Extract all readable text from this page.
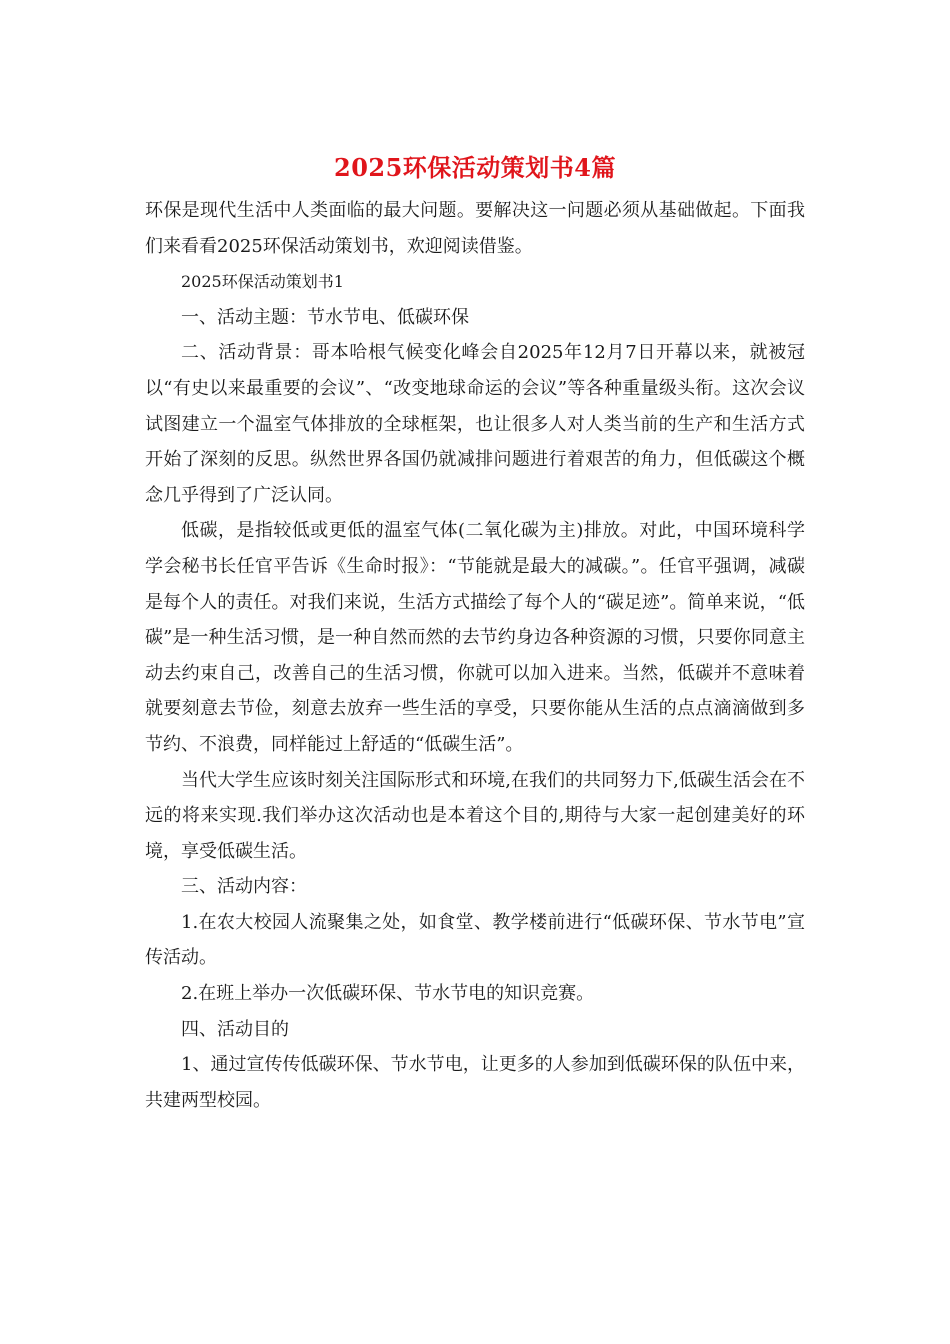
2025环保活动策划书4篇

环保是现代生活中人类面临的最大问题。要解决这一问题必须从基础做起。下面我们来看看2025环保活动策划书，欢迎阅读借鉴。

2025环保活动策划书1

一、活动主题：节水节电、低碳环保

二、活动背景：哥本哈根气候变化峰会自2025年12月7日开幕以来，就被冠以“有史以来最重要的会议”、“改变地球命运的会议”等各种重量级头衔。这次会议试图建立一个温室气体排放的全球框架，也让很多人对人类当前的生产和生活方式开始了深刻的反思。纵然世界各国仍就减排问题进行着艰苦的角力，但低碳这个概念几乎得到了广泛认同。

低碳，是指较低或更低的温室气体(二氧化碳为主)排放。对此，中国环境科学学会秘书长任官平告诉《生命时报》：“节能就是最大的减碳。”。任官平强调，减碳是每个人的责任。对我们来说，生活方式描绘了每个人的“碳足迹”。简单来说，“低碳”是一种生活习惯，是一种自然而然的去节约身边各种资源的习惯，只要你同意主动去约束自己，改善自己的生活习惯，你就可以加入进来。当然，低碳并不意味着就要刻意去节俭，刻意去放弃一些生活的享受，只要你能从生活的点点滴滴做到多节约、不浪费，同样能过上舒适的“低碳生活”。

当代大学生应该时刻关注国际形式和环境,在我们的共同努力下,低碳生活会在不远的将来实现.我们举办这次活动也是本着这个目的,期待与大家一起创建美好的环境，享受低碳生活。

三、活动内容：

1.在农大校园人流聚集之处，如食堂、教学楼前进行“低碳环保、节水节电”宣传活动。

2.在班上举办一次低碳环保、节水节电的知识竞赛。

四、活动目的

1、通过宣传传低碳环保、节水节电，让更多的人参加到低碳环保的队伍中来，共建两型校园。
